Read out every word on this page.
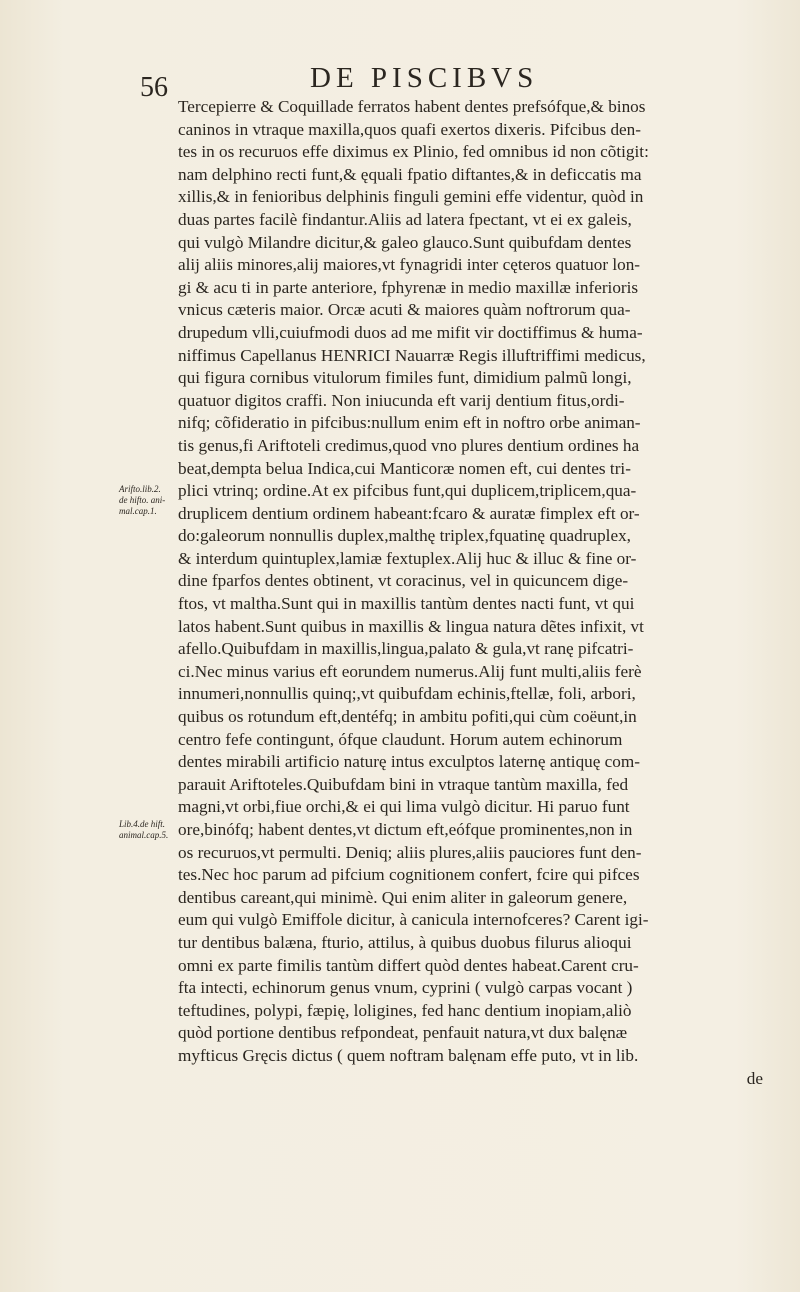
56	DE PISCIBVS
Arifto.lib.2.
de hifto. ani-
mal.cap.1.
Lib.4.de hift.
animal.cap.5.
Tercepierre & Coquillade ferratos habent dentes prefsófque,& binos
caninos in vtraque maxilla,quos quafi exertos dixeris. Pifcibus den-
tes in os recuruos effe diximus ex Plinio, fed omnibus id non cõtigit:
nam delphino recti funt,& ęquali fpatio diftantes,& in deficcatis ma
xillis,& in fenioribus delphinis finguli gemini effe videntur, quòd in
duas partes facilè findantur.Aliis ad latera fpectant, vt ei ex galeis,
qui vulgò Milandre dicitur,& galeo glauco.Sunt quibufdam dentes
alij aliis minores,alij maiores,vt fynagridi inter cęteros quatuor lon-
gi & acu ti in parte anteriore, fphyrenæ in medio maxillæ inferioris
vnicus cæteris maior. Orcæ acuti & maiores quàm noftrorum qua-
drupedum vlli,cuiufmodi duos ad me mifit vir doctiffimus & huma-
niffimus Capellanus HENRICI Nauarræ Regis illuftriffimi medicus,
qui figura cornibus vitulorum fimiles funt, dimidium palmũ longi,
quatuor digitos craffi. Non iniucunda eft varij dentium fitus,ordi-
nifq; cõfideratio in pifcibus:nullum enim eft in noftro orbe animan-
tis genus,fi Ariftoteli credimus,quod vno plures dentium ordines ha
beat,dempta belua Indica,cui Manticoræ nomen eft, cui dentes tri-
plici vtrinq; ordine.At ex pifcibus funt,qui duplicem,triplicem,qua-
druplicem dentium ordinem habeant:fcaro & auratæ fimplex eft or-
do:galeorum nonnullis duplex,malthę triplex,fquatinę quadruplex,
& interdum quintuplex,lamiæ fextuplex.Alij huc & illuc & fine or-
dine fparfos dentes obtinent, vt coracinus, vel in quicuncem dige-
ftos, vt maltha.Sunt qui in maxillis tantùm dentes nacti funt, vt qui
latos habent.Sunt quibus in maxillis & lingua natura dẽtes infixit, vt
afello.Quibufdam in maxillis,lingua,palato & gula,vt ranę pifcatri-
ci.Nec minus varius eft eorundem numerus.Alij funt multi,aliis ferè
innumeri,nonnullis quinq;,vt quibufdam echinis,ftellæ, foli, arbori,
quibus os rotundum eft,dentéfq; in ambitu pofiti,qui cùm coëunt,in
centro fefe contingunt, ófque claudunt. Horum autem echinorum
dentes mirabili artificio naturę intus exculptos laternę antiquę com-
parauit Ariftoteles.Quibufdam bini in vtraque tantùm maxilla, fed
magni,vt orbi,fiue orchi,& ei qui lima vulgò dicitur. Hi paruo funt
ore,binófq; habent dentes,vt dictum eft,eófque prominentes,non in
os recuruos,vt permulti. Deniq; aliis plures,aliis pauciores funt den-
tes.Nec hoc parum ad pifcium cognitionem confert, fcire qui pifces
dentibus careant,qui minimè. Qui enim aliter in galeorum genere,
eum qui vulgò Emiffole dicitur, à canicula internofceres? Carent igi-
tur dentibus balæna, fturio, attilus, à quibus duobus filurus alioqui
omni ex parte fimilis tantùm differt quòd dentes habeat.Carent cru-
fta intecti, echinorum genus vnum, cyprini ( vulgò carpas vocant )
teftudines, polypi, fæpię, loligines, fed hanc dentium inopiam,aliò
quòd portione dentibus refpondeat, penfauit natura,vt dux balęnæ
myfticus Gręcis dictus ( quem noftram balęnam effe puto, vt in lib.
de
